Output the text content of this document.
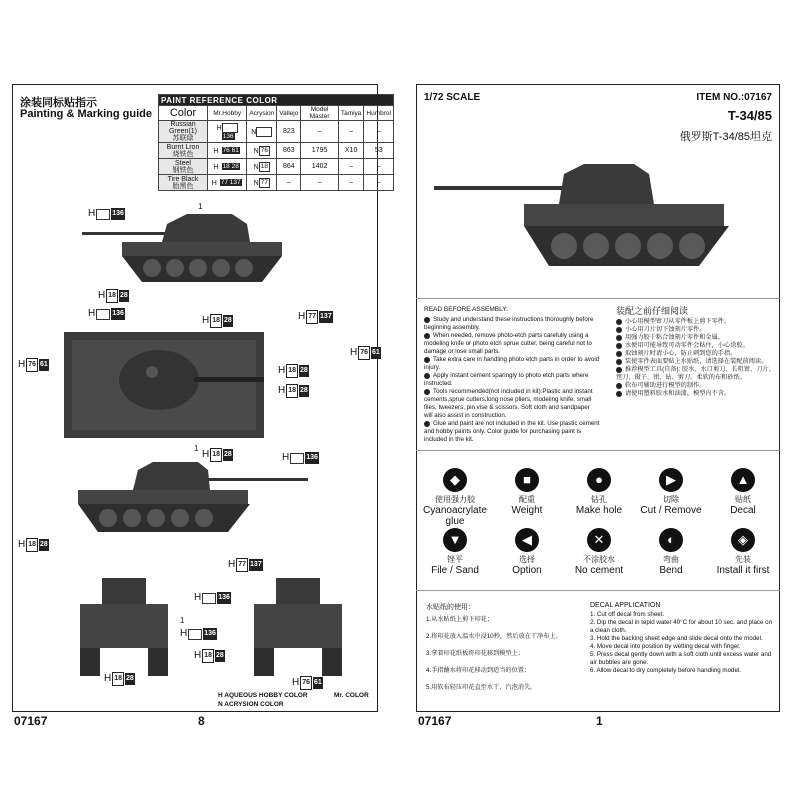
涂装同标贴指示
Painting & Marking guide
PAINT REFERENCE COLOR						
Color	Mr.Hobby	Acrysion	Vallejo	Model Master	Tamiya	Humbrol
Russian Green(1)
苏联绿	H136	N	823	–	–	–
Burnt Lron
烧铁色	H 76 61	N 76	863	1795	X10	53
Steel
钢铁色	H 18 28	N 18	864	1402	–	–
Tire Black
胎黑色	H 77 137	N 77	–	–	–	–
1
H 136
H 76 61
H 18 28
H 77 137
H 136
H 18 28
H 76 61
H 18 28
H 18 28
1
H 18 28	H 136
H 18 28
H 77 137
1
H 136
H 136
H 18 28
H 18 28	H 76 61
H AQUEOUS HOBBY COLOR	Mr. COLOR
N ACRYSION COLOR
07167	8
1/72 SCALE	ITEM NO.:07167
T-34/85
俄罗斯T-34/85坦克
READ BEFORE ASSEMBLY:	装配之前仔细阅读
Study and understand these instructions thoroughly before beginning assembly.
When needed, remove photo-etch parts carefully using a modeling knife or photo etch sprue cutter, being careful not to damage or lose small parts.
Take extra care in handling photo etch parts in order to avoid injury.
Apply instant cement sparingly to photo etch parts where instructed.
Tools recommended(not included in kit):Plastic and instant cements,sprue cutters,long nose pliers, modeling knife, small files, tweezers, pin vise & scissors. Soft cloth and sandpaper will also assist in construction.
Glue and paint are not included in the kit. Use plastic cement and hobby paints only. Color guide for purchasing paint is included in the kit.
小心用模型钳刀从零件板上剪下零件。
小心用刀片切下蚀刻片零件。
用强力胶于粘合蚀刻片零件和金属。
水便用可能导致可动零件会粘住，小心涂胶。
取蚀刻片时请小心，防止刺到您的手指。
装使零件表面要贴上水贴纸，请选择在装配前阅读。
推荐模型工具(自备): 胶水、水口剪刀、长咀钳、刀片、锉刀、镊子、钳、钻、剪刀。柔软的布和砂纸。
软布可辅助进行模型的制作。
请使用塑料胶水和油漆，模型内不含。
◆
使用强力胶
Cyanoacrylate glue
■
配重
Weight
●
钻孔
Make hole
▶
切除
Cut / Remove
▲
贴纸
Decal
▼
锉平
File / Sand
◀
选择
Option
✕
不涂胶水
No cement
◐
弯曲
Bend
◈
先装
Install it first
水贴纸的使用：
1.从水贴纸上剪下印花；
2.将印花放入温水中浸10秒，然后放在干净布上。
3.拿着印花纸板将印花移到模型上；
4.手指蘸水将印花移动到适当的位置；
5.用软布轻压印花直至水干，汽泡消失。
DECAL APPLICATION
1. Cut off decal from sheet.
2. Dip the decal in tepid water 40°C for about 10 sec. and place on a clean cloth.
3. Hold the backing sheet edge and slide decal onto the model.
4. Move decal into position by wetting decal with finger.
5. Press decal gently down with a soft cloth until excess water and air bubbles are gone.
6. Allow decal to dry completely before handling model.
07167	1
